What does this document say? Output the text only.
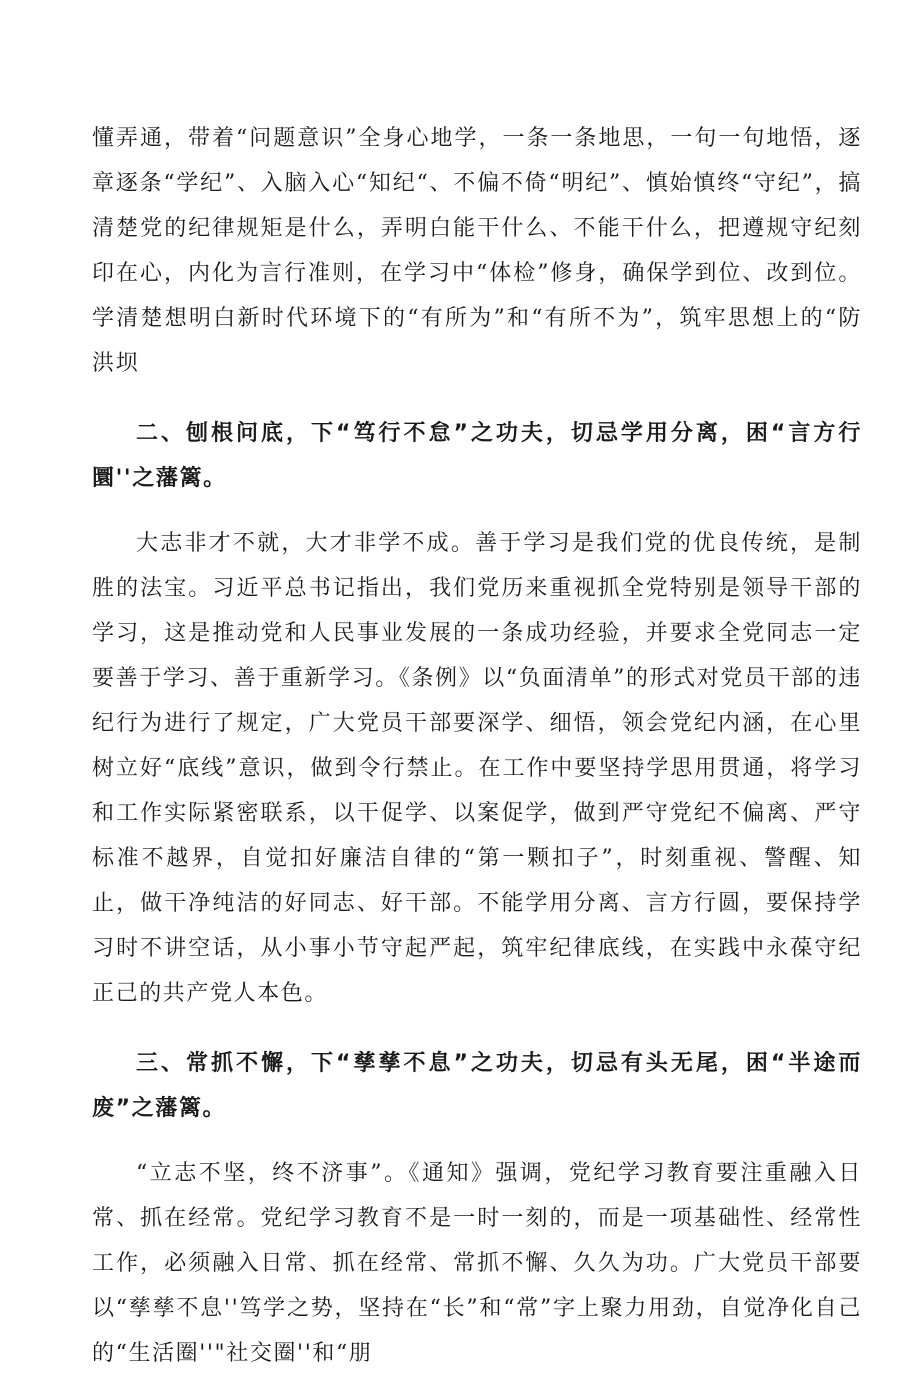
懂弄通，带着“问题意识”全身心地学，一条一条地思，一句一句地悟，逐章逐条“学纪”、入脑入心“知纪“、不偏不倚“明纪”、慎始慎终“守纪”，搞清楚党的纪律规矩是什么，弄明白能干什么、不能干什么，把遵规守纪刻印在心，内化为言行准则，在学习中“体检”修身，确保学到位、改到位。学清楚想明白新时代环境下的“有所为”和“有所不为”，筑牢思想上的“防洪坝

二、刨根问底，下“笃行不怠”之功夫，切忌学用分离，困“言方行圜''之藩篱。

大志非才不就，大才非学不成。善于学习是我们党的优良传统，是制胜的法宝。习近平总书记指出，我们党历来重视抓全党特别是领导干部的学习，这是推动党和人民事业发展的一条成功经验，并要求全党同志一定要善于学习、善于重新学习。《条例》以“负面清单”的形式对党员干部的违纪行为进行了规定，广大党员干部要深学、细悟，领会党纪内涵，在心里树立好“底线”意识，做到令行禁止。在工作中要坚持学思用贯通，将学习和工作实际紧密联系，以干促学、以案促学，做到严守党纪不偏离、严守标准不越界，自觉扣好廉洁自律的“第一颗扣子”，时刻重视、警醒、知止，做干净纯洁的好同志、好干部。不能学用分离、言方行圆，要保持学习时不讲空话，从小事小节守起严起，筑牢纪律底线，在实践中永葆守纪正己的共产党人本色。

三、常抓不懈，下“孳孳不息”之功夫，切忌有头无尾，困“半途而废”之藩篱。

“立志不坚，终不济事”。《通知》强调，党纪学习教育要注重融入日常、抓在经常。党纪学习教育不是一时一刻的，而是一项基础性、经常性工作，必须融入日常、抓在经常、常抓不懈、久久为功。广大党员干部要以“孳孳不息''笃学之势，坚持在“长”和“常”字上聚力用劲，自觉净化自己的“生活圈''"社交圈''和“朋
